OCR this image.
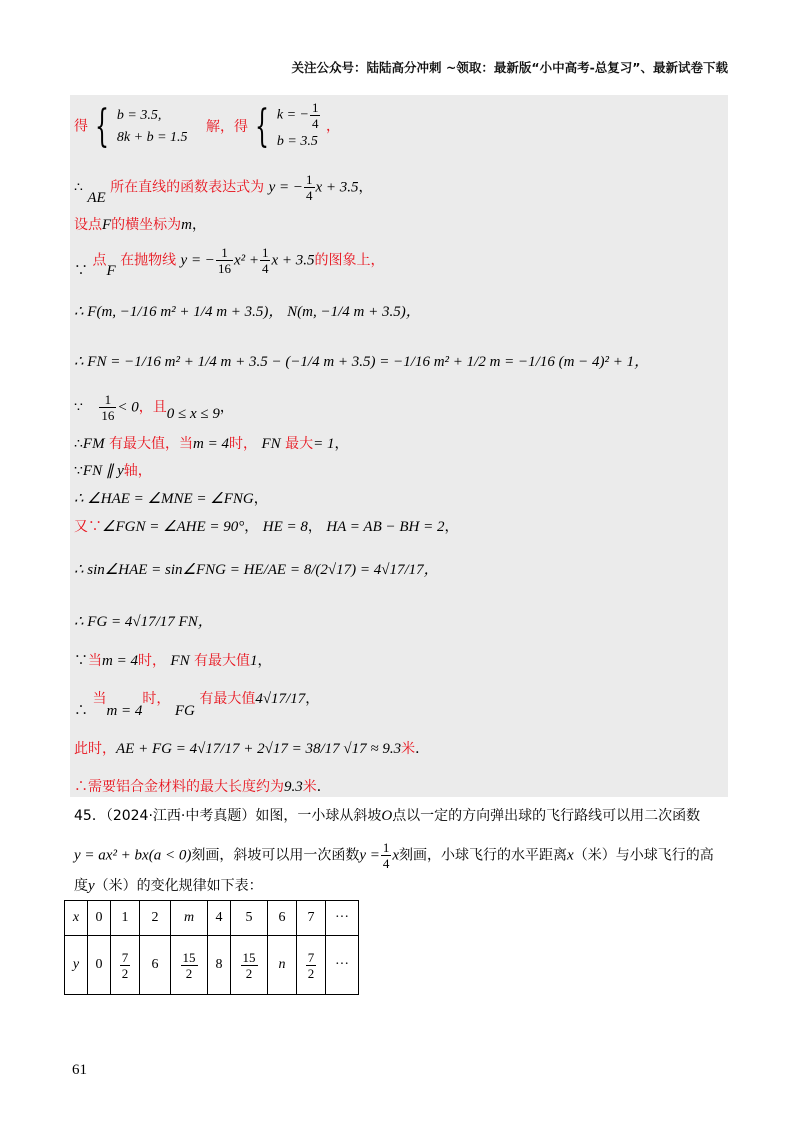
关注公众号：陆陆高分冲刺 ~领取：最新版“小中高考-总复习”、最新试卷下载
得 { b = 3.5,
8k + b = 1.5
解，得 { k = − $\frac{1}{4}$
b = 3.5
，
∴ AE 所在直线的函数表达式为 y = − $\frac{1}{4}$ x + 3.5，
设点F的横坐标为m，
∵ 点F 在抛物线 y = − $\frac{1}{16} x^2 + \frac{1}{4}$ x + 3.5的图象上，
∴ F(m, −1/16 m² + 1/4 m + 3.5)， N(m, −1/4 m + 3.5)，
∴ FN = −1/16 m² + 1/4 m + 3.5 − (−1/4 m + 3.5) = −1/16 m² + 1/2 m = −1/16 (m − 4)² + 1，
∵ $\frac{1}{16} < 0$，且0 ≤ x ≤ 9，
∴FM 有最大值，当m = 4时， FN 最大= 1，
∵FN ∥ y轴，
∴ ∠HAE = ∠MNE = ∠FNG，
又∵∠FGN = ∠AHE = 90°， HE = 8， HA = AB − BH = 2，
∴ sin∠HAE = sin∠FNG = HE/AE = 8/(2√17) = 4√17/17，
∴ FG = 4√17/17 FN，
∵当m = 4时， FN 有最大值1，
∴ 当m = 4时， FG 有最大值4√17/17，
此时，AE + FG = 4√17/17 + 2√17 = 38/17 √17 ≈ 9.3米．
∴需要铝合金材料的最大长度约为9.3米．
45．（2024·江西·中考真题）如图，一小球从斜坡O点以一定的方向弹出球的飞行路线可以用二次函数
y = ax² + bx(a < 0)刻画，斜坡可以用一次函数$y = \frac{1}{4}$ x刻画，小球飞行的水平距离x（米）与小球飞行的高
度y（米）的变化规律如下表：
x	0	1	2	m	4	5	6	7	···
y	0	$\frac{7}{2}$	6	$\frac{15}{2}$	8	$\frac{15}{2}$	n	$\frac{7}{2}$	···
61
